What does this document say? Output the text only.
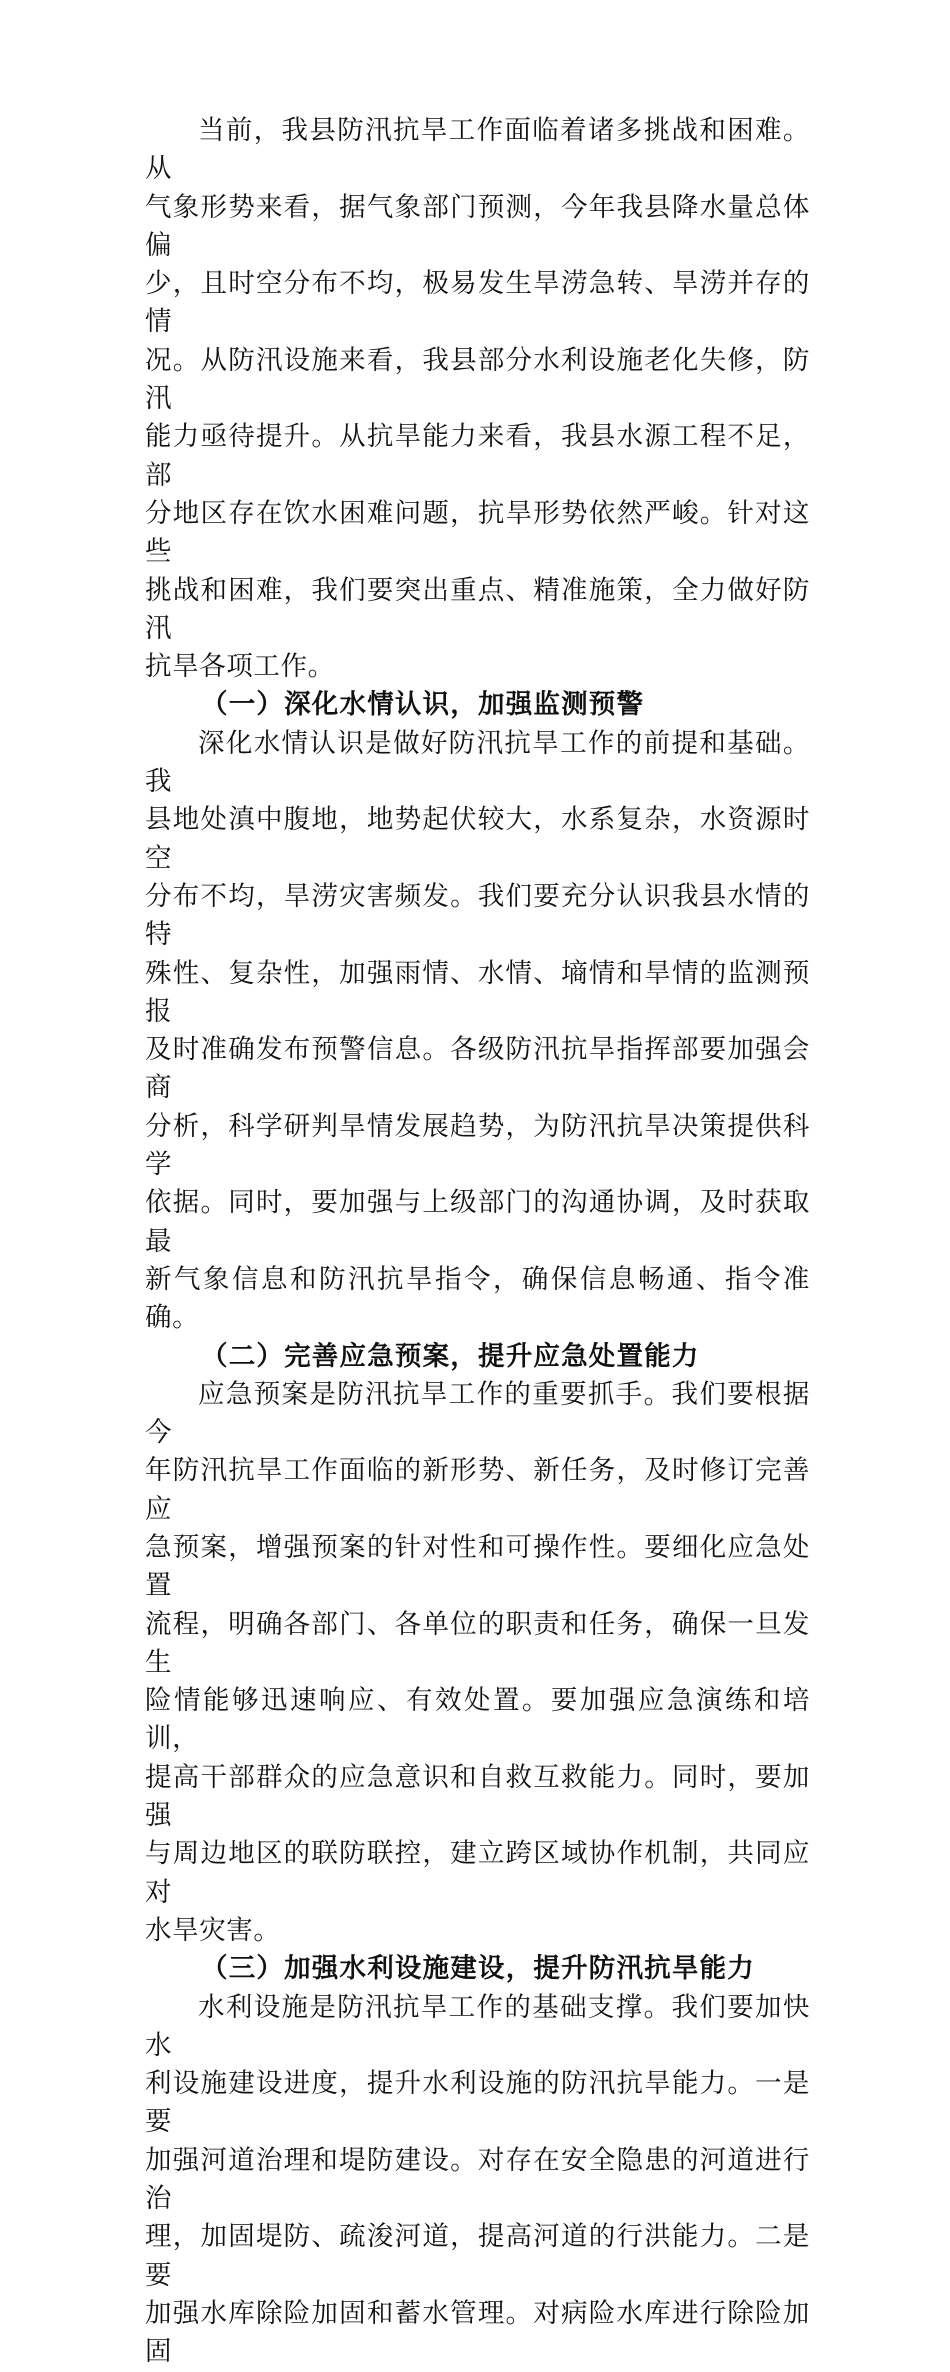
当前，我县防汛抗旱工作面临着诸多挑战和困难。从
气象形势来看，据气象部门预测，今年我县降水量总体偏
少，且时空分布不均，极易发生旱涝急转、旱涝并存的情
况。从防汛设施来看，我县部分水利设施老化失修，防汛
能力亟待提升。从抗旱能力来看，我县水源工程不足，部
分地区存在饮水困难问题，抗旱形势依然严峻。针对这些
挑战和困难，我们要突出重点、精准施策，全力做好防汛
抗旱各项工作。

（一）深化水情认识，加强监测预警

深化水情认识是做好防汛抗旱工作的前提和基础。我
县地处滇中腹地，地势起伏较大，水系复杂，水资源时空
分布不均，旱涝灾害频发。我们要充分认识我县水情的特
殊性、复杂性，加强雨情、水情、墒情和旱情的监测预报
及时准确发布预警信息。各级防汛抗旱指挥部要加强会商
分析，科学研判旱情发展趋势，为防汛抗旱决策提供科学
依据。同时，要加强与上级部门的沟通协调，及时获取最
新气象信息和防汛抗旱指令，确保信息畅通、指令准确。

（二）完善应急预案，提升应急处置能力

应急预案是防汛抗旱工作的重要抓手。我们要根据今
年防汛抗旱工作面临的新形势、新任务，及时修订完善应
急预案，增强预案的针对性和可操作性。要细化应急处置
流程，明确各部门、各单位的职责和任务，确保一旦发生
险情能够迅速响应、有效处置。要加强应急演练和培训，
提高干部群众的应急意识和自救互救能力。同时，要加强
与周边地区的联防联控，建立跨区域协作机制，共同应对
水旱灾害。

（三）加强水利设施建设，提升防汛抗旱能力

水利设施是防汛抗旱工作的基础支撑。我们要加快水
利设施建设进度，提升水利设施的防汛抗旱能力。一是要
加强河道治理和堤防建设。对存在安全隐患的河道进行治
理，加固堤防、疏浚河道，提高河道的行洪能力。二是要
加强水库除险加固和蓄水管理。对病险水库进行除险加固
